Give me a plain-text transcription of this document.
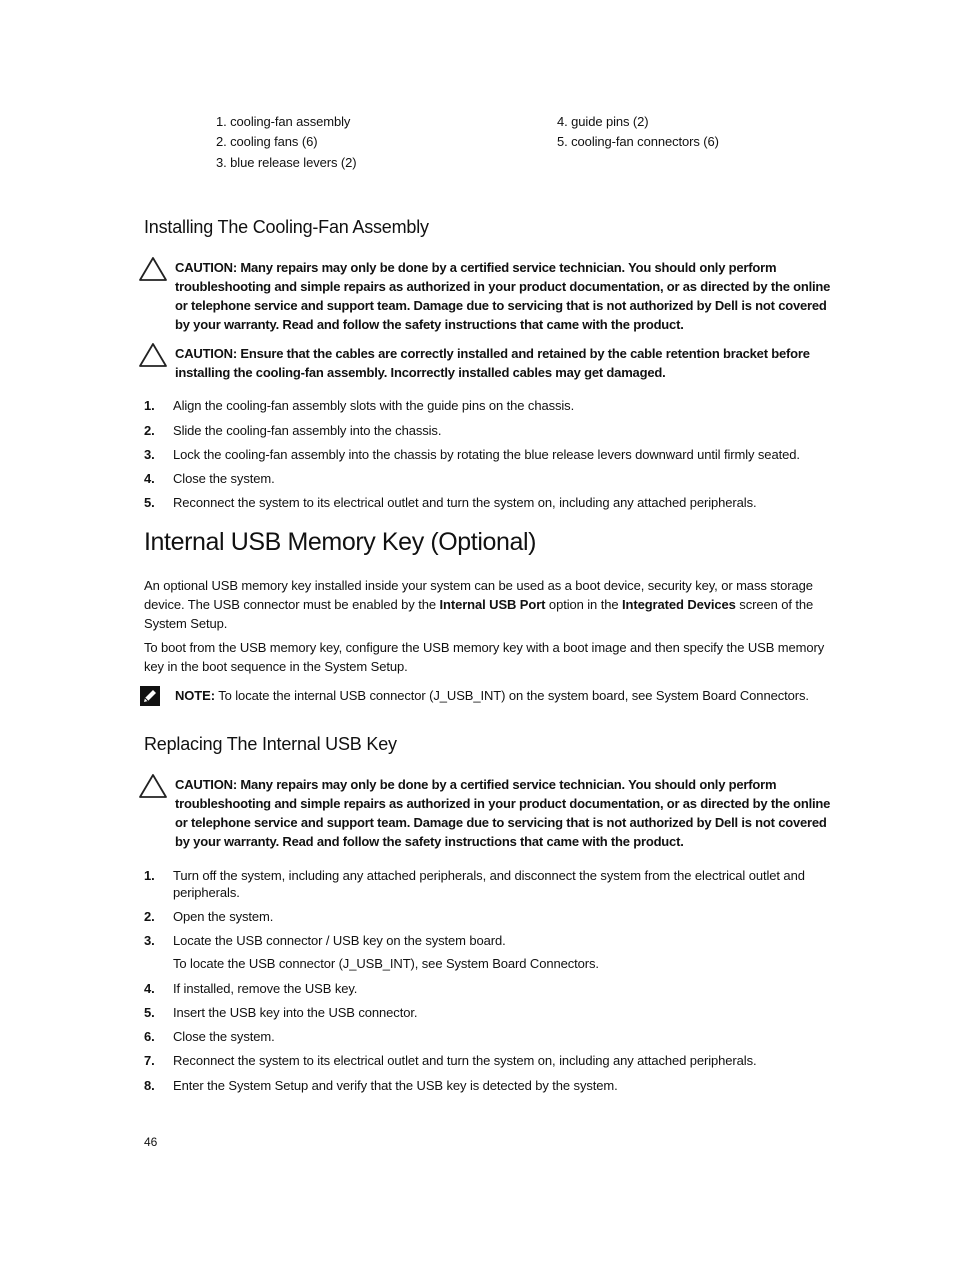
1. cooling-fan assembly
2. cooling fans (6)
3. blue release levers (2)
4. guide pins (2)
5. cooling-fan connectors (6)
Installing The Cooling-Fan Assembly
CAUTION: Many repairs may only be done by a certified service technician. You should only perform troubleshooting and simple repairs as authorized in your product documentation, or as directed by the online or telephone service and support team. Damage due to servicing that is not authorized by Dell is not covered by your warranty. Read and follow the safety instructions that came with the product.
CAUTION: Ensure that the cables are correctly installed and retained by the cable retention bracket before installing the cooling-fan assembly. Incorrectly installed cables may get damaged.
1. Align the cooling-fan assembly slots with the guide pins on the chassis.
2. Slide the cooling-fan assembly into the chassis.
3. Lock the cooling-fan assembly into the chassis by rotating the blue release levers downward until firmly seated.
4. Close the system.
5. Reconnect the system to its electrical outlet and turn the system on, including any attached peripherals.
Internal USB Memory Key (Optional)
An optional USB memory key installed inside your system can be used as a boot device, security key, or mass storage device. The USB connector must be enabled by the Internal USB Port option in the Integrated Devices screen of the System Setup.
To boot from the USB memory key, configure the USB memory key with a boot image and then specify the USB memory key in the boot sequence in the System Setup.
NOTE: To locate the internal USB connector (J_USB_INT) on the system board, see System Board Connectors.
Replacing The Internal USB Key
CAUTION: Many repairs may only be done by a certified service technician. You should only perform troubleshooting and simple repairs as authorized in your product documentation, or as directed by the online or telephone service and support team. Damage due to servicing that is not authorized by Dell is not covered by your warranty. Read and follow the safety instructions that came with the product.
1. Turn off the system, including any attached peripherals, and disconnect the system from the electrical outlet and peripherals.
2. Open the system.
3. Locate the USB connector / USB key on the system board.
To locate the USB connector (J_USB_INT), see System Board Connectors.
4. If installed, remove the USB key.
5. Insert the USB key into the USB connector.
6. Close the system.
7. Reconnect the system to its electrical outlet and turn the system on, including any attached peripherals.
8. Enter the System Setup and verify that the USB key is detected by the system.
46
